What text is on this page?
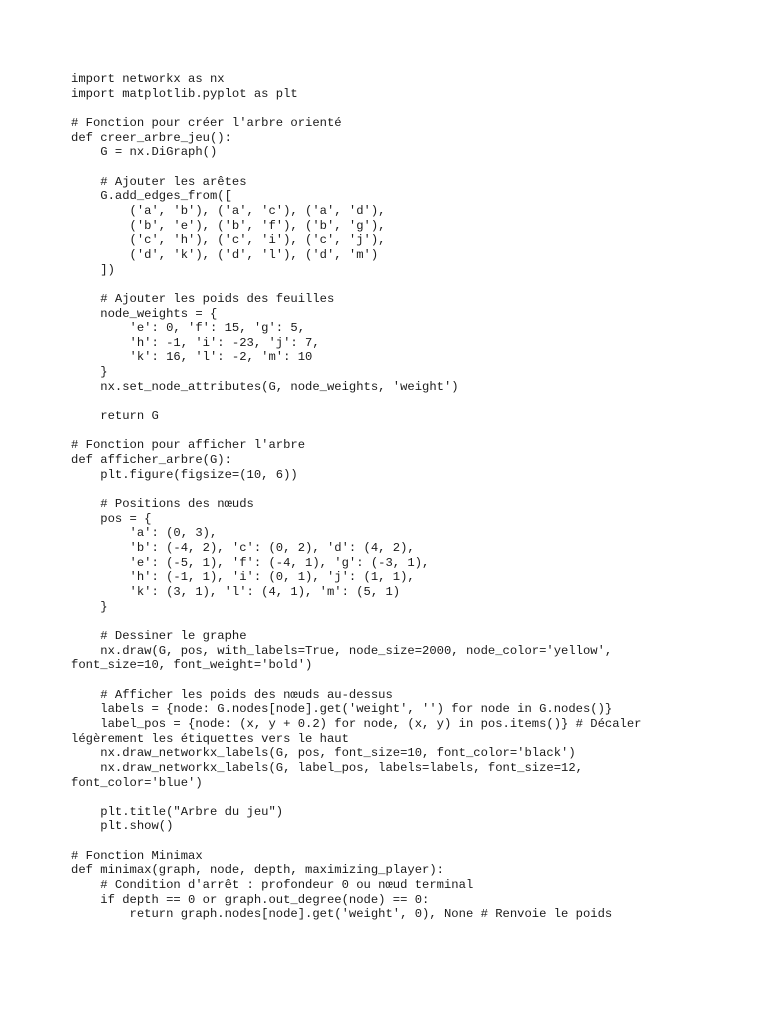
import networkx as nx
import matplotlib.pyplot as plt
# Fonction pour créer l'arbre orienté
def creer_arbre_jeu():
G = nx.DiGraph()
# Ajouter les arêtes
G.add_edges_from([
('a', 'b'), ('a', 'c'), ('a', 'd'),
('b', 'e'), ('b', 'f'), ('b', 'g'),
('c', 'h'), ('c', 'i'), ('c', 'j'),
('d', 'k'), ('d', 'l'), ('d', 'm')
])
# Ajouter les poids des feuilles
node_weights = {
'e': 0, 'f': 15, 'g': 5,
'h': -1, 'i': -23, 'j': 7,
'k': 16, 'l': -2, 'm': 10
}
nx.set_node_attributes(G, node_weights, 'weight')
return G
# Fonction pour afficher l'arbre
def afficher_arbre(G):
plt.figure(figsize=(10, 6))
# Positions des nœuds
pos = {
'a': (0, 3),
'b': (-4, 2), 'c': (0, 2), 'd': (4, 2),
'e': (-5, 1), 'f': (-4, 1), 'g': (-3, 1),
'h': (-1, 1), 'i': (0, 1), 'j': (1, 1),
'k': (3, 1), 'l': (4, 1), 'm': (5, 1)
}
# Dessiner le graphe
nx.draw(G, pos, with_labels=True, node_size=2000, node_color='yellow',
font_size=10, font_weight='bold')
# Afficher les poids des nœuds au-dessus
labels = {node: G.nodes[node].get('weight', '') for node in G.nodes()}
label_pos = {node: (x, y + 0.2) for node, (x, y) in pos.items()} # Décaler
légèrement les étiquettes vers le haut
nx.draw_networkx_labels(G, pos, font_size=10, font_color='black')
nx.draw_networkx_labels(G, label_pos, labels=labels, font_size=12,
font_color='blue')
plt.title("Arbre du jeu")
plt.show()
# Fonction Minimax
def minimax(graph, node, depth, maximizing_player):
# Condition d'arrêt : profondeur 0 ou nœud terminal
if depth == 0 or graph.out_degree(node) == 0:
return graph.nodes[node].get('weight', 0), None # Renvoie le poids
